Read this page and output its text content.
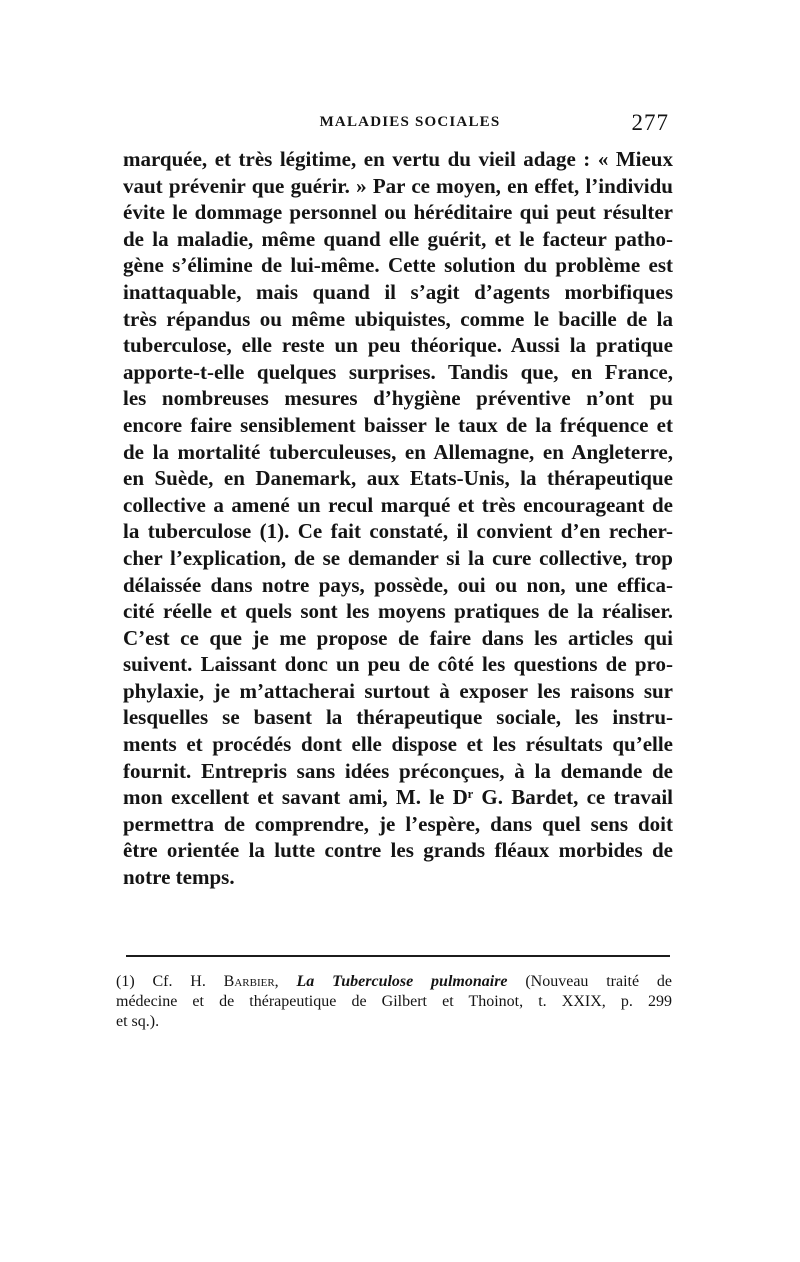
MALADIES SOCIALES	277
marquée, et très légitime, en vertu du vieil adage : « Mieux
vaut prévenir que guérir. » Par ce moyen, en effet, l’individu
évite le dommage personnel ou héréditaire qui peut résulter
de la maladie, même quand elle guérit, et le facteur patho-
gène s’élimine de lui-même. Cette solution du problème est
inattaquable, mais quand il s’agit d’agents morbifiques
très répandus ou même ubiquistes, comme le bacille de la
tuberculose, elle reste un peu théorique. Aussi la pratique
apporte-t-elle quelques surprises. Tandis que, en France,
les nombreuses mesures d’hygiène préventive n’ont pu
encore faire sensiblement baisser le taux de la fréquence et
de la mortalité tuberculeuses, en Allemagne, en Angleterre,
en Suède, en Danemark, aux Etats-Unis, la thérapeutique
collective a amené un recul marqué et très encourageant de
la tuberculose (1). Ce fait constaté, il convient d’en recher-
cher l’explication, de se demander si la cure collective, trop
délaissée dans notre pays, possède, oui ou non, une effica-
cité réelle et quels sont les moyens pratiques de la réaliser.
C’est ce que je me propose de faire dans les articles qui
suivent. Laissant donc un peu de côté les questions de pro-
phylaxie, je m’attacherai surtout à exposer les raisons sur
lesquelles se basent la thérapeutique sociale, les instru-
ments et procédés dont elle dispose et les résultats qu’elle
fournit. Entrepris sans idées préconçues, à la demande de
mon excellent et savant ami, M. le Dʳ G. Bardet, ce travail
permettra de comprendre, je l’espère, dans quel sens doit
être orientée la lutte contre les grands fléaux morbides de
notre temps.
(1) Cf. H. Barbier, La Tuberculose pulmonaire (Nouveau traité de
médecine et de thérapeutique de Gilbert et Thoinot, t. XXIX, p. 299
et sq.).
